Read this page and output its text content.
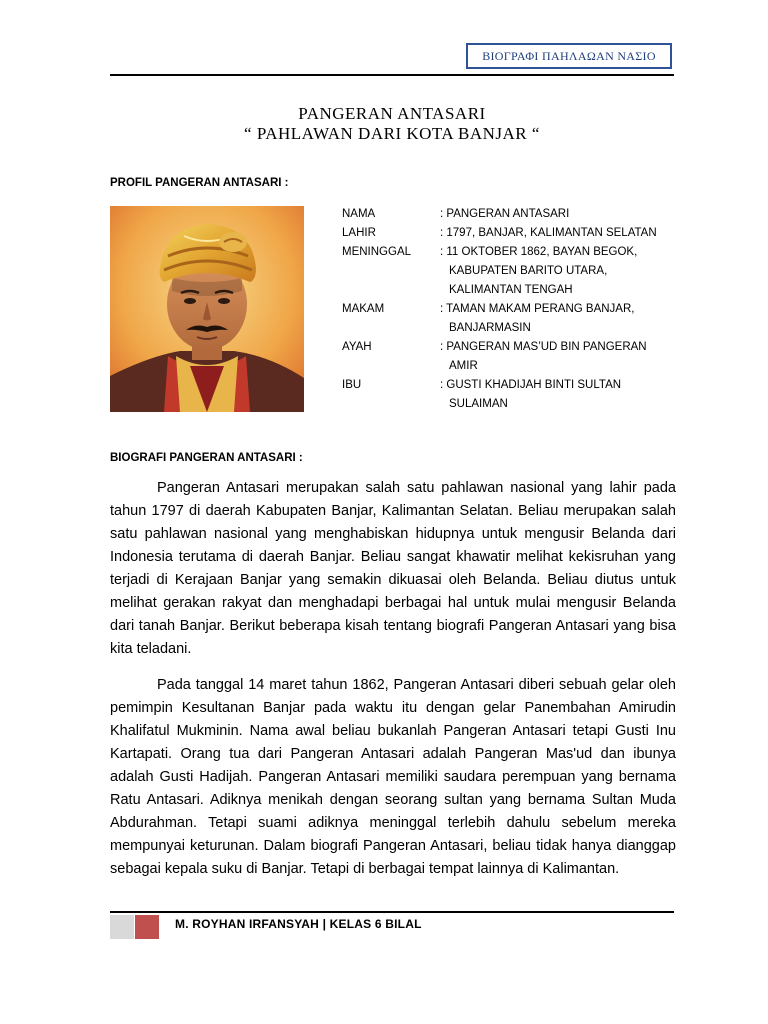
ΒΙΟΓΡΑΦΙ ΠΑΗΛΑΩΑΝ ΝΑΣΙΟ
PANGERAN ANTASARI
“ PAHLAWAN DARI KOTA BANJAR “
PROFIL PANGERAN ANTASARI :
NAMA	: PANGERAN ANTASARI
LAHIR	: 1797, BANJAR, KALIMANTAN SELATAN
MENINGGAL	: 11 OKTOBER 1862, BAYAN BEGOK,
KABUPATEN BARITO UTARA,
KALIMANTAN TENGAH
MAKAM	: TAMAN MAKAM PERANG BANJAR,
BANJARMASIN
AYAH	: PANGERAN MAS’UD BIN PANGERAN
AMIR
IBU	: GUSTI KHADIJAH BINTI SULTAN
SULAIMAN
BIOGRAFI PANGERAN ANTASARI :

Pangeran Antasari merupakan salah satu pahlawan nasional yang lahir pada tahun 1797 di daerah Kabupaten Banjar, Kalimantan Selatan. Beliau merupakan salah satu pahlawan nasional yang menghabiskan hidupnya untuk mengusir Belanda dari Indonesia terutama di daerah Banjar. Beliau sangat khawatir melihat kekisruhan yang terjadi di Kerajaan Banjar yang semakin dikuasai oleh Belanda. Beliau diutus untuk melihat gerakan rakyat dan menghadapi berbagai hal untuk mulai mengusir Belanda dari tanah Banjar. Berikut beberapa kisah tentang biografi Pangeran Antasari yang bisa kita teladani.

Pada tanggal 14 maret tahun 1862, Pangeran Antasari diberi sebuah gelar oleh pemimpin Kesultanan Banjar pada waktu itu dengan gelar Panembahan Amirudin Khalifatul Mukminin. Nama awal beliau bukanlah Pangeran Antasari tetapi Gusti Inu Kartapati. Orang tua dari Pangeran Antasari adalah Pangeran Mas'ud dan ibunya adalah Gusti Hadijah. Pangeran Antasari memiliki saudara perempuan yang bernama Ratu Antasari. Adiknya menikah dengan seorang sultan yang bernama Sultan Muda Abdurahman. Tetapi suami adiknya meninggal terlebih dahulu sebelum mereka mempunyai keturunan. Dalam biografi Pangeran Antasari, beliau tidak hanya dianggap sebagai kepala suku di Banjar. Tetapi di berbagai tempat lainnya di Kalimantan.

M. ROYHAN IRFANSYAH | KELAS 6 BILAL
